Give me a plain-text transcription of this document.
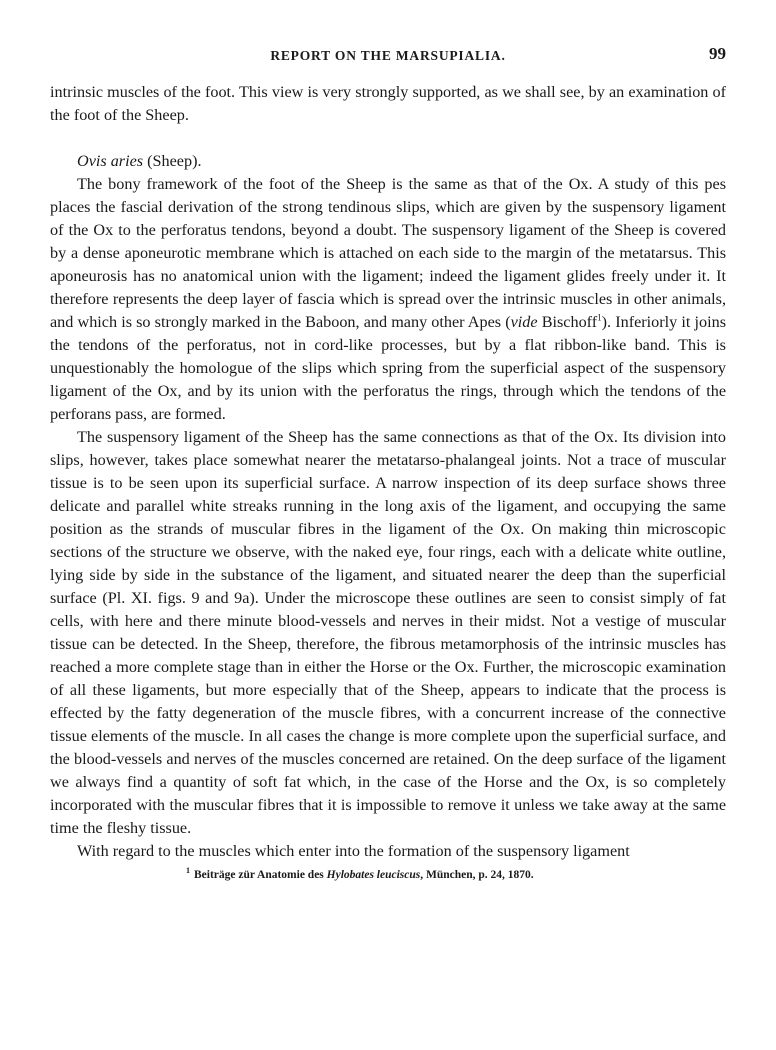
REPORT ON THE MARSUPIALIA.	99

intrinsic muscles of the foot. This view is very strongly supported, as we shall see, by an examination of the foot of the Sheep.

Ovis aries (Sheep).

The bony framework of the foot of the Sheep is the same as that of the Ox. A study of this pes places the fascial derivation of the strong tendinous slips, which are given by the suspensory ligament of the Ox to the perforatus tendons, beyond a doubt. The suspensory ligament of the Sheep is covered by a dense aponeurotic membrane which is attached on each side to the margin of the metatarsus. This aponeurosis has no anatomical union with the ligament; indeed the ligament glides freely under it. It therefore represents the deep layer of fascia which is spread over the intrinsic muscles in other animals, and which is so strongly marked in the Baboon, and many other Apes (vide Bischoff$^1$). Inferiorly it joins the tendons of the perforatus, not in cord-like processes, but by a flat ribbon-like band. This is unquestionably the homologue of the slips which spring from the superficial aspect of the suspensory ligament of the Ox, and by its union with the perforatus the rings, through which the tendons of the perforans pass, are formed.

The suspensory ligament of the Sheep has the same connections as that of the Ox. Its division into slips, however, takes place somewhat nearer the metatarso-phalangeal joints. Not a trace of muscular tissue is to be seen upon its superficial surface. A narrow inspection of its deep surface shows three delicate and parallel white streaks running in the long axis of the ligament, and occupying the same position as the strands of muscular fibres in the ligament of the Ox. On making thin microscopic sections of the structure we observe, with the naked eye, four rings, each with a delicate white outline, lying side by side in the substance of the ligament, and situated nearer the deep than the superficial surface (Pl. XI. figs. 9 and 9a). Under the microscope these outlines are seen to consist simply of fat cells, with here and there minute blood-vessels and nerves in their midst. Not a vestige of muscular tissue can be detected. In the Sheep, therefore, the fibrous metamorphosis of the intrinsic muscles has reached a more complete stage than in either the Horse or the Ox. Further, the microscopic examination of all these ligaments, but more especially that of the Sheep, appears to indicate that the process is effected by the fatty degeneration of the muscle fibres, with a concurrent increase of the connective tissue elements of the muscle. In all cases the change is more complete upon the superficial surface, and the blood-vessels and nerves of the muscles concerned are retained. On the deep surface of the ligament we always find a quantity of soft fat which, in the case of the Horse and the Ox, is so completely incorporated with the muscular fibres that it is impossible to remove it unless we take away at the same time the fleshy tissue.

With regard to the muscles which enter into the formation of the suspensory ligament

$^1$ Beiträge zür Anatomie des Hylobates leuciscus, München, p. 24, 1870.
